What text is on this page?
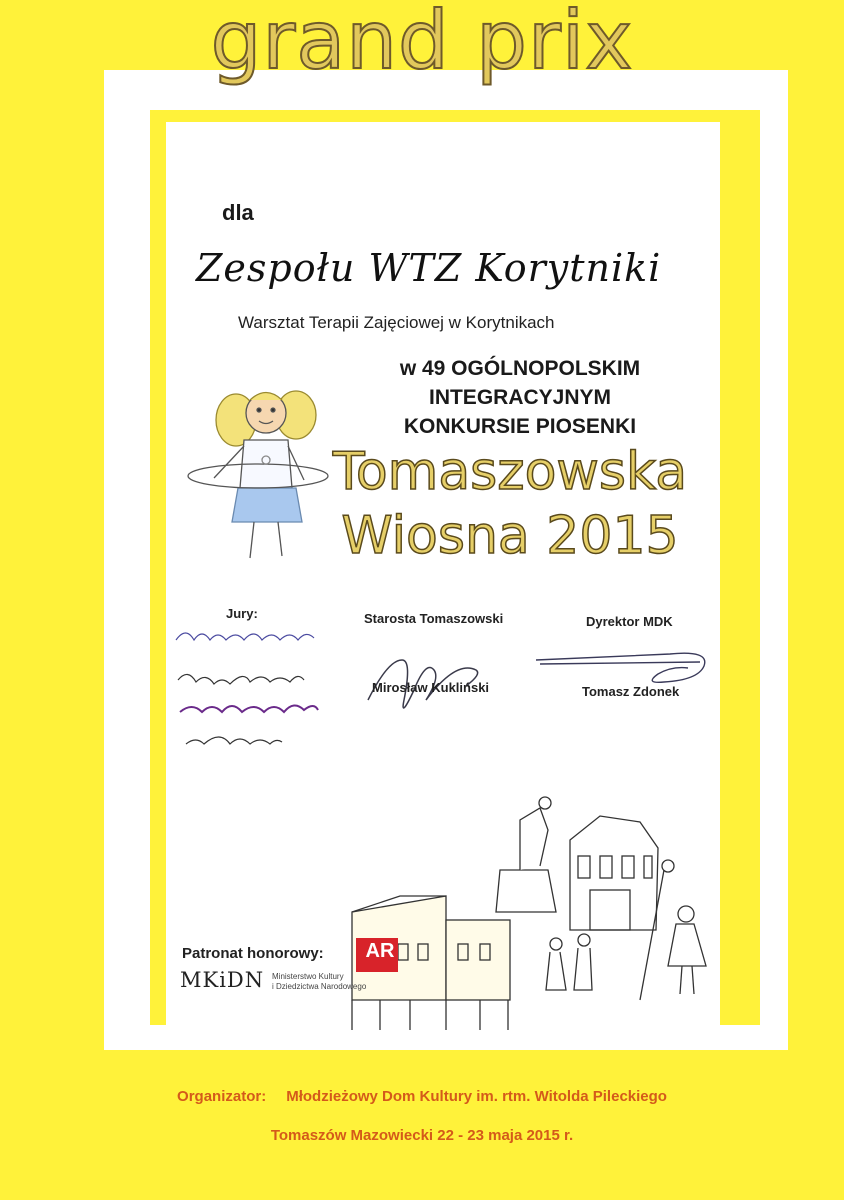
grand prix
dla
Zespołu WTZ Korytniki
Warsztat Terapii Zajęciowej w Korytnikach
w 49 OGÓLNOPOLSKIM
INTEGRACYJNYM
KONKURSIE PIOSENKI
Tomaszowska
Wiosna 2015
Jury:	Starosta Tomaszowski
Mirosław Kukliński
Dyrektor MDK
Tomasz Zdonek
AR
Patronat honorowy:
MKiDN Ministerstwo Kultury
i Dziedzictwa Narodowego
Organizator: Młodzieżowy Dom Kultury im. rtm. Witolda Pileckiego
Tomaszów Mazowiecki 22 - 23 maja 2015 r.
